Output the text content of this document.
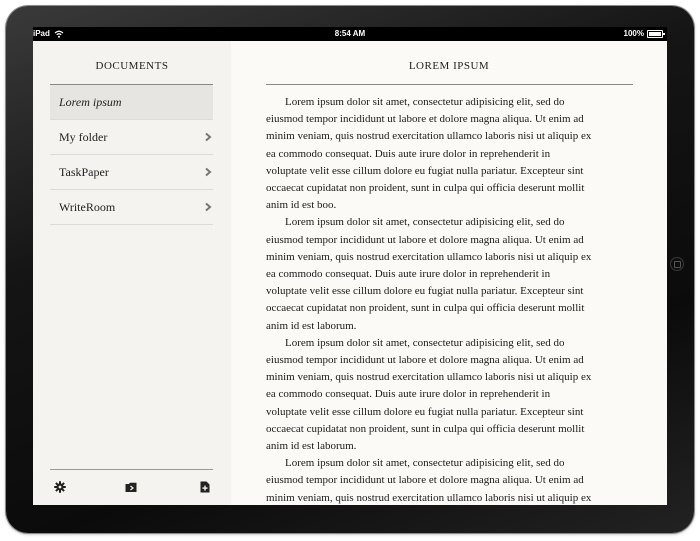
iPad	8:54 AM	100%
DOCUMENTS
Lorem ipsum
My folder
TaskPaper
WriteRoom
LOREM IPSUM

Lorem ipsum dolor sit amet, consectetur adipisicing elit, sed do
eiusmod tempor incididunt ut labore et dolore magna aliqua. Ut enim ad
minim veniam, quis nostrud exercitation ullamco laboris nisi ut aliquip ex
ea commodo consequat. Duis aute irure dolor in reprehenderit in
voluptate velit esse cillum dolore eu fugiat nulla pariatur. Excepteur sint
occaecat cupidatat non proident, sunt in culpa qui officia deserunt mollit
anim id est boo.

Lorem ipsum dolor sit amet, consectetur adipisicing elit, sed do
eiusmod tempor incididunt ut labore et dolore magna aliqua. Ut enim ad
minim veniam, quis nostrud exercitation ullamco laboris nisi ut aliquip ex
ea commodo consequat. Duis aute irure dolor in reprehenderit in
voluptate velit esse cillum dolore eu fugiat nulla pariatur. Excepteur sint
occaecat cupidatat non proident, sunt in culpa qui officia deserunt mollit
anim id est laborum.

Lorem ipsum dolor sit amet, consectetur adipisicing elit, sed do
eiusmod tempor incididunt ut labore et dolore magna aliqua. Ut enim ad
minim veniam, quis nostrud exercitation ullamco laboris nisi ut aliquip ex
ea commodo consequat. Duis aute irure dolor in reprehenderit in
voluptate velit esse cillum dolore eu fugiat nulla pariatur. Excepteur sint
occaecat cupidatat non proident, sunt in culpa qui officia deserunt mollit
anim id est laborum.

Lorem ipsum dolor sit amet, consectetur adipisicing elit, sed do
eiusmod tempor incididunt ut labore et dolore magna aliqua. Ut enim ad
minim veniam, quis nostrud exercitation ullamco laboris nisi ut aliquip ex
